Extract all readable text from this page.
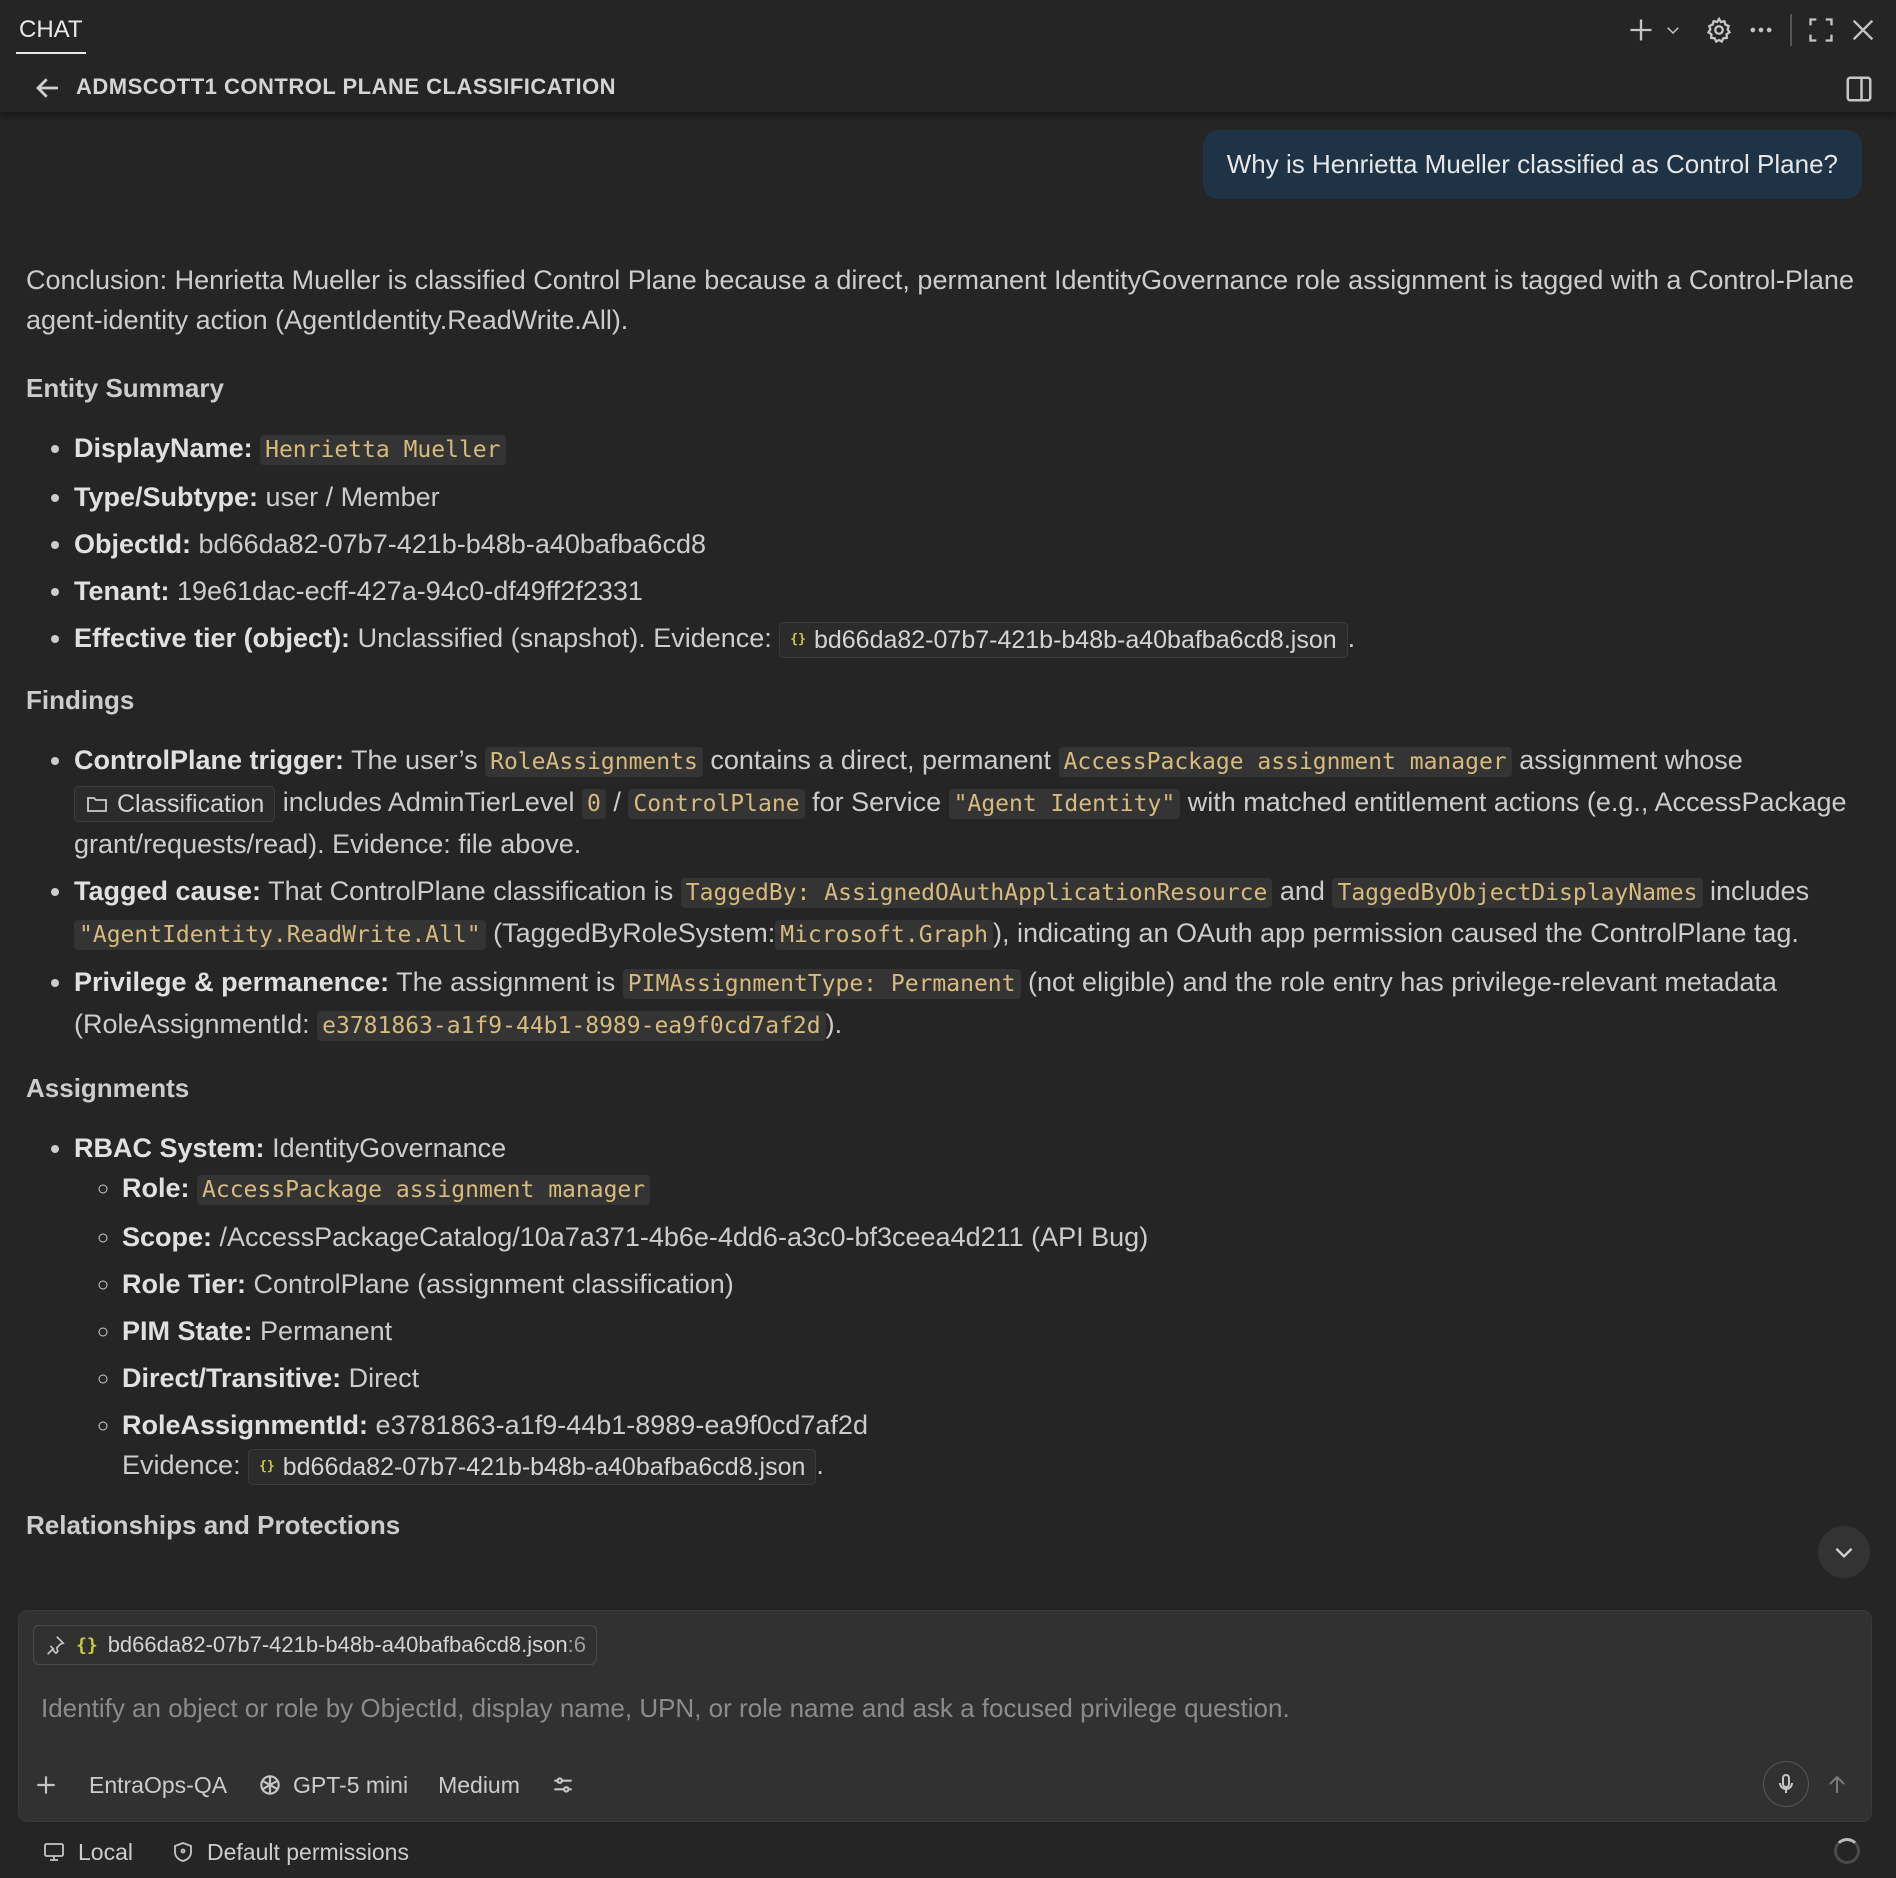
CHAT
ADMSCOTT1 CONTROL PLANE CLASSIFICATION
Why is Henrietta Mueller classified as Control Plane?

Conclusion: Henrietta Mueller is classified Control Plane because a direct, permanent IdentityGovernance role assignment is tagged with a Control-Plane agent-identity action (AgentIdentity.ReadWrite.All).

Entity Summary
• DisplayName: Henrietta Mueller
• Type/Subtype: user / Member
• ObjectId: bd66da82-07b7-421b-b48b-a40bafba6cd8
• Tenant: 19e61dac-ecff-427a-94c0-df49ff2f2331
• Effective tier (object): Unclassified (snapshot). Evidence: {} bd66da82-07b7-421b-b48b-a40bafba6cd8.json .
Findings
• ControlPlane trigger: The user’s RoleAssignments contains a direct, permanent AccessPackage assignment manager assignment whose
Classification includes AdminTierLevel 0 / ControlPlane for Service "Agent Identity" with matched entitlement actions (e.g., AccessPackage grant/requests/read). Evidence: file above.
• Tagged cause: That ControlPlane classification is TaggedBy: AssignedOAuthApplicationResource and TaggedByObjectDisplayNames includes "AgentIdentity.ReadWrite.All" (TaggedByRoleSystem: Microsoft.Graph ), indicating an OAuth app permission caused the ControlPlane tag.
• Privilege & permanence: The assignment is PIMAssignmentType: Permanent (not eligible) and the role entry has privilege-relevant metadata (RoleAssignmentId: e3781863-a1f9-44b1-8989-ea9f0cd7af2d ).
Assignments
• RBAC System: IdentityGovernance
◦ Role: AccessPackage assignment manager
◦ Scope: /AccessPackageCatalog/10a7a371-4b6e-4dd6-a3c0-bf3ceea4d211 (API Bug)
◦ Role Tier: ControlPlane (assignment classification)
◦ PIM State: Permanent
◦ Direct/Transitive: Direct
◦ RoleAssignmentId: e3781863-a1f9-44b1-8989-ea9f0cd7af2d
Evidence: {} bd66da82-07b7-421b-b48b-a40bafba6cd8.json .
Relationships and Protections
{} bd66da82-07b7-421b-b48b-a40bafba6cd8.json :6
Identify an object or role by ObjectId, display name, UPN, or role name and ask a focused privilege question.
EntraOps-QA	GPT-5 mini Medium
Local	Default permissions
